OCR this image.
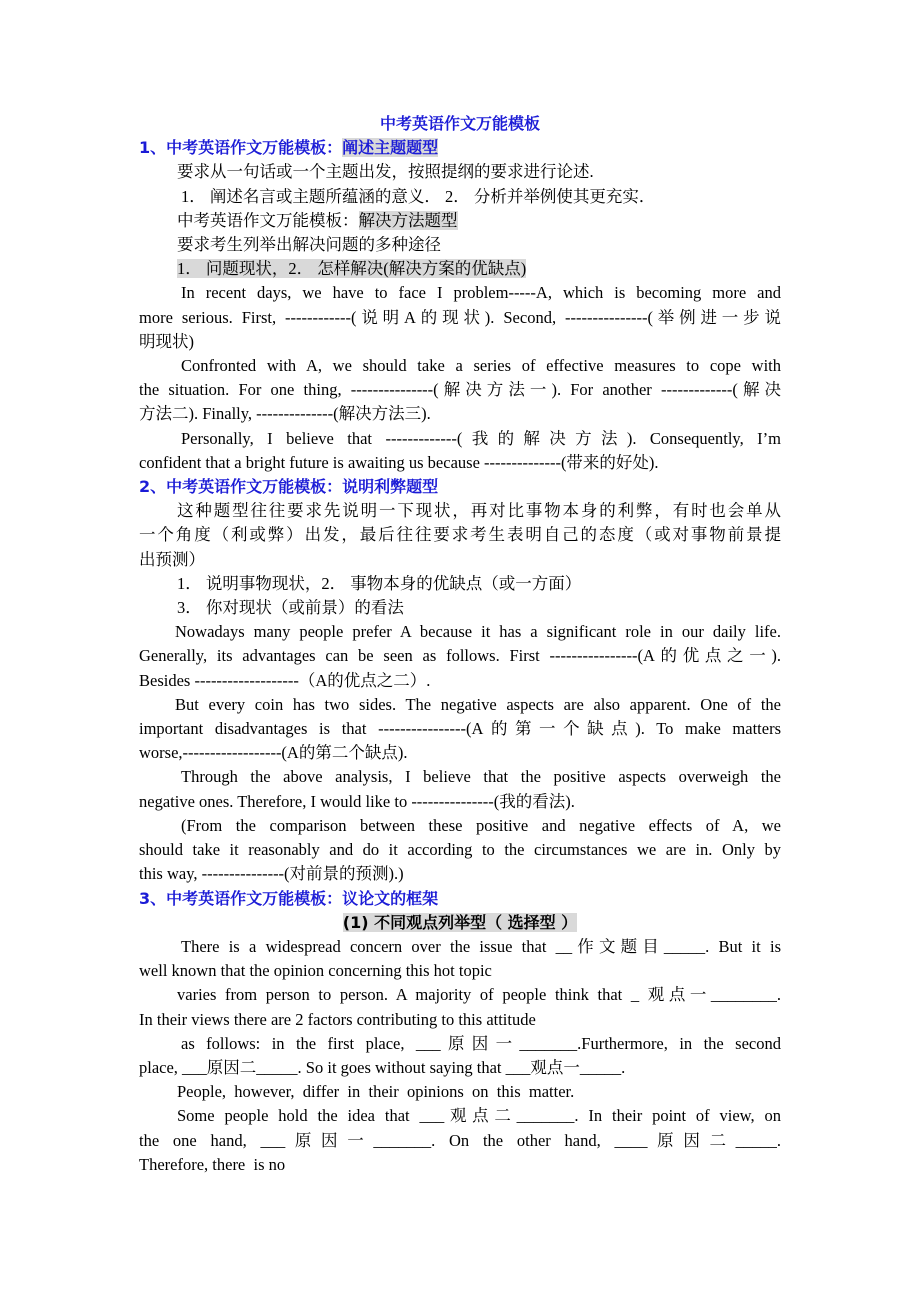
中考英语作文万能模板
1、中考英语作文万能模板：阐述主题题型
要求从一句话或一个主题出发，按照提纲的要求进行论述.
1． 阐述名言或主题所蕴涵的意义． 2． 分析并举例使其更充实．
中考英语作文万能模板：解决方法题型
要求考生列举出解决问题的多种途径
1． 问题现状，2． 怎样解决(解决方案的优缺点)
In recent days, we have to face I problem-----A, which is becoming more and
more serious. First, ------------(说明A的现状). Second, ---------------(举例进一步说
明现状)
Confronted with A, we should take a series of effective measures to cope with
the situation. For one thing, ---------------(解决方法一). For another -------------(解决
方法二). Finally, --------------(解决方法三).
Personally, I believe that -------------(我的解决方法). Consequently, I’m
confident that a bright future is awaiting us because --------------(带来的好处).
2、中考英语作文万能模板：说明利弊题型
这种题型往往要求先说明一下现状，再对比事物本身的利弊，有时也会单从
一个角度（利或弊）出发，最后往往要求考生表明自己的态度（或对事物前景提
出预测）
1． 说明事物现状，2． 事物本身的优缺点（或一方面）
3． 你对现状（或前景）的看法
Nowadays many people prefer A because it has a significant role in our daily life.
Generally, its advantages can be seen as follows. First ----------------(A的优点之一).
Besides -------------------（A的优点之二）.
But every coin has two sides. The negative aspects are also apparent. One of the
important disadvantages is that ----------------(A的第一个缺点). To make matters
worse,------------------(A的第二个缺点).
Through the above analysis, I believe that the positive aspects overweigh the
negative ones. Therefore, I would like to ---------------(我的看法).
(From the comparison between these positive and negative effects of A, we
should take it reasonably and do it according to the circumstances we are in. Only by
this way, ---------------(对前景的预测).)
3、中考英语作文万能模板：议论文的框架
(1) 不同观点列举型（ 选择型 ）
There is a widespread concern over the issue that __作文题目_____. But it is
well known that the opinion concerning this hot topic
varies from person to person. A majority of people think that _ 观点一________.
In their views there are 2 factors contributing to this attitude
as follows: in the first place, ___原因一_______.Furthermore, in the second
place, ___原因二_____. So it goes without saying that ___观点一_____.
People,  however,  differ  in  their  opinions  on  this  matter.
Some people hold the idea that ___观点二_______. In their point of view, on
the one hand, ___原因一_______. On the other hand, ____原因二_____.
Therefore, there  is no
